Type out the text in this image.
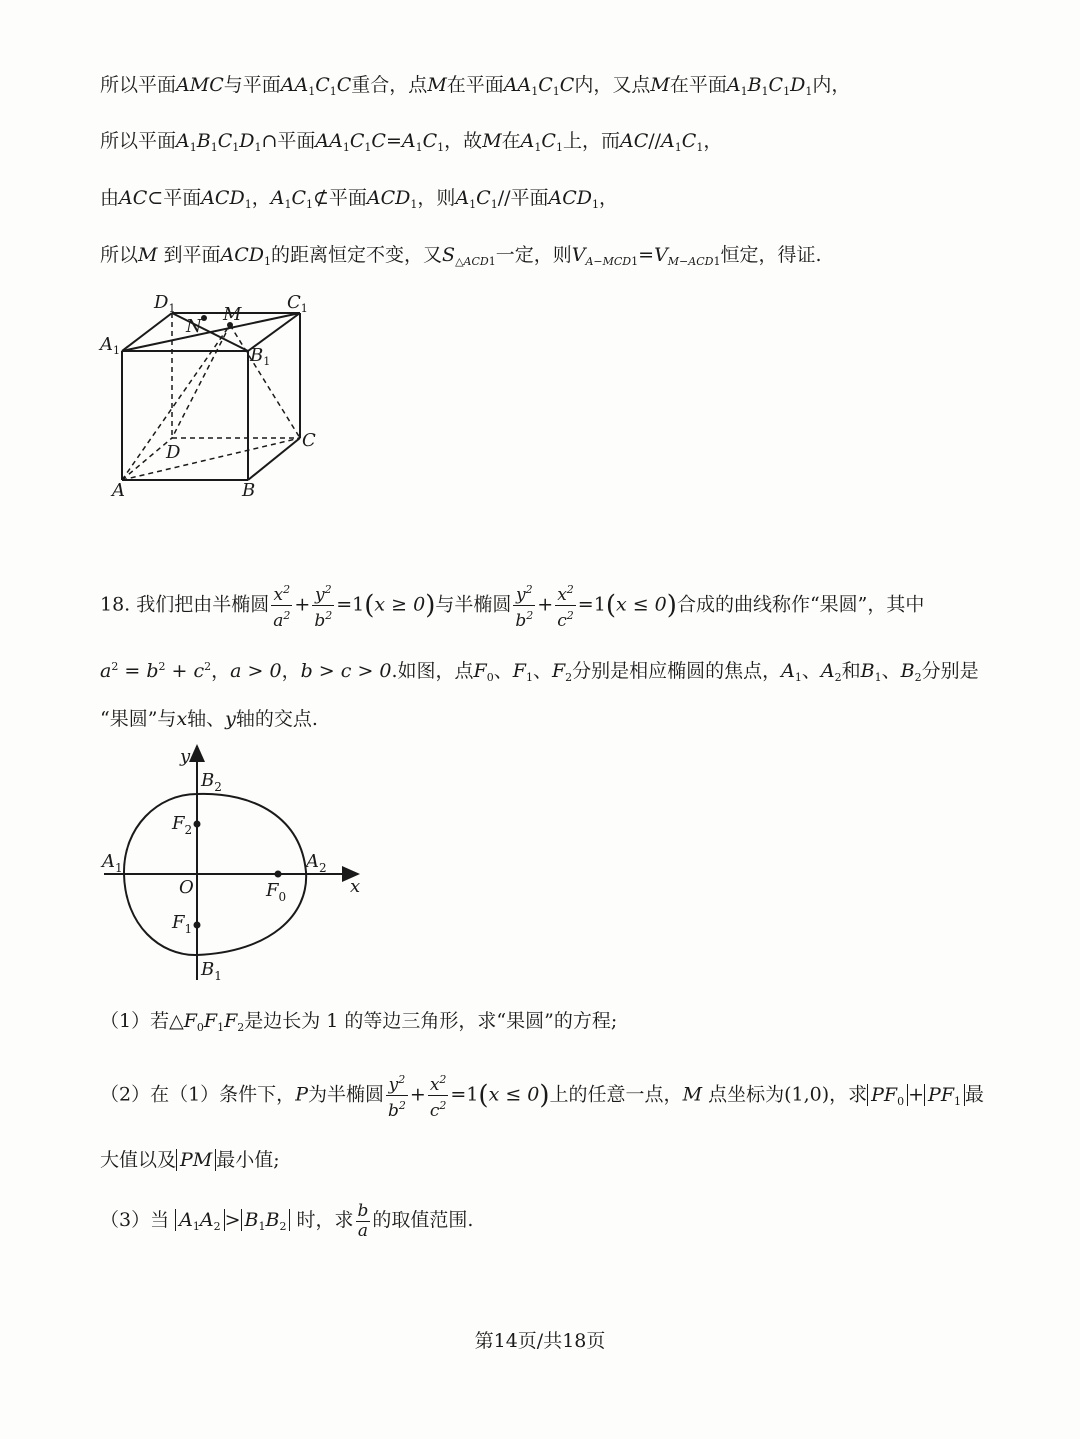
所以平面AMC与平面$AA_1C_1C$重合，点M在平面$AA_1C_1C$内，又点M在平面$A_1B_1C_1D_1$内，
所以平面$A_1B_1C_1D_1\cap$平面$AA_1C_1C=A_1C_1$，故M在$A_1C_1$上，而$AC//A_1C_1$，
由AC⊂平面$ACD_1$，$A_1C_1⊄$平面$ACD_1$，则$A_1C_1//$平面$ACD_1$，
所以M 到平面$ACD_1$的距离恒定不变，又$S_{\triangle ACD1}$一定，则$V_{A-MCD1}=V_{M-ACD1}$恒定，得证.
$D_1$	$C_1$
$A_1$	$B_1$
M
N
D
C
A	B
18. 我们把由半椭圆 $\frac{x^2}{a^2} + \frac{y^2}{b^2} =1(x \ge 0)$与半椭圆 $\frac{y^2}{b^2} + \frac{x^2}{c^2} =1(x \le 0)$合成的曲线称作“果圆”，其中
$a^2 = b^2 + c^2$，a > 0，b > c > 0.如图，点$F_0$、$F_1$、$F_2$分别是相应椭圆的焦点，$A_1$、$A_2$和$B_1$、$B_2$分别是
“果圆”与x轴、y轴的交点.
y
x
O
$B_2$
$B_1$
$F_2$
$F_1$
$F_0$
$A_1$	$A_2$
（1）若$\triangle F_0F_1F_2$是边长为 1 的等边三角形，求“果圆”的方程;
（2）在（1）条件下，P为半椭圆 $\frac{y^2}{b^2} + \frac{x^2}{c^2} =1(x \le 0)$上的任意一点，M 点坐标为(1,0)，求 $PF_0 + PF_1$ 最
大值以及 PM 最小值;
（3）当 $A_1A_2 > B_1B_2$ 时，求 $\frac{b}{a}$ 的取值范围.
第14页/共18页
